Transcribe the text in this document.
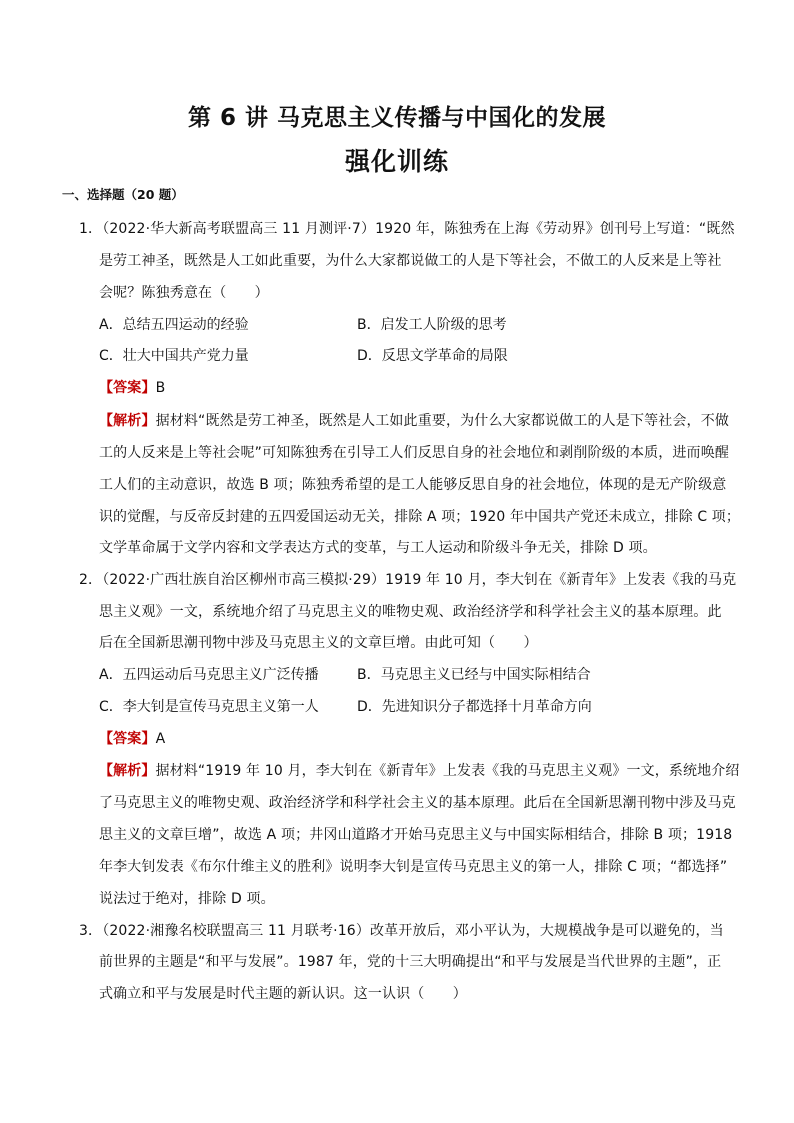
第 6 讲 马克思主义传播与中国化的发展
强化训练
一、选择题（20 题）
1．（2022·华大新高考联盟高三 11 月测评·7）1920 年，陈独秀在上海《劳动界》创刊号上写道：“既然
是劳工神圣，既然是人工如此重要，为什么大家都说做工的人是下等社会，不做工的人反来是上等社
会呢？陈独秀意在（　　）
A．总结五四运动的经验	B．启发工人阶级的思考
C．壮大中国共产党力量	D．反思文学革命的局限
【答案】B
【解析】据材料“既然是劳工神圣，既然是人工如此重要，为什么大家都说做工的人是下等社会，不做
工的人反来是上等社会呢”可知陈独秀在引导工人们反思自身的社会地位和剥削阶级的本质，进而唤醒
工人们的主动意识，故选 B 项；陈独秀希望的是工人能够反思自身的社会地位，体现的是无产阶级意
识的觉醒，与反帝反封建的五四爱国运动无关，排除 A 项；1920 年中国共产党还未成立，排除 C 项；
文学革命属于文学内容和文学表达方式的变革，与工人运动和阶级斗争无关，排除 D 项。
2．（2022·广西壮族自治区柳州市高三模拟·29）1919 年 10 月，李大钊在《新青年》上发表《我的马克
思主义观》一文，系统地介绍了马克思主义的唯物史观、政治经济学和科学社会主义的基本原理。此
后在全国新思潮刊物中涉及马克思主义的文章巨增。由此可知（　　）
A．五四运动后马克思主义广泛传播	B．马克思主义已经与中国实际相结合
C．李大钊是宣传马克思主义第一人	D．先进知识分子都选择十月革命方向
【答案】A
【解析】据材料“1919 年 10 月，李大钊在《新青年》上发表《我的马克思主义观》一文，系统地介绍
了马克思主义的唯物史观、政治经济学和科学社会主义的基本原理。此后在全国新思潮刊物中涉及马克
思主义的文章巨增”，故选 A 项；井冈山道路才开始马克思主义与中国实际相结合，排除 B 项；1918
年李大钊发表《布尔什维主义的胜利》说明李大钊是宣传马克思主义的第一人，排除 C 项；“都选择”
说法过于绝对，排除 D 项。
3．（2022·湘豫名校联盟高三 11 月联考·16）改革开放后，邓小平认为，大规模战争是可以避免的，当
前世界的主题是“和平与发展”。1987 年，党的十三大明确提出“和平与发展是当代世界的主题”，正
式确立和平与发展是时代主题的新认识。这一认识（　　）
